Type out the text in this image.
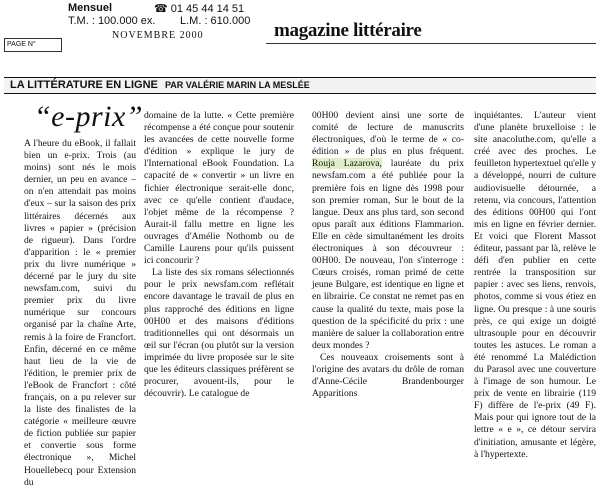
Mensuel	☎ 01 45 44 14 51
T.M. : 100.000 ex. L.M. : 610.000
NOVEMBRE 2000
PAGE N°
magazine littéraire
LA LITTÉRATURE EN LIGNE PAR VALÉRIE MARIN LA MESLÉE
“e-prix”

A l'heure du eBook, il fallait bien un e-prix. Trois (au moins) sont nés le mois dernier, un peu en avance – on n'en attendait pas moins d'eux – sur la saison des prix littéraires décernés aux livres « papier » (précision de rigueur). Dans l'ordre d'apparition : le « premier prix du livre numérique » décerné par le jury du site newsfam.com, suivi du premier prix du livre numérique sur concours organisé par la chaîne Arte, remis à la foire de Francfort. Enfin, décerné en ce même haut lieu de la vie de l'édition, le premier prix de l'eBook de Francfort : côté français, on a pu relever sur la liste des finalistes de la catégorie « meilleure œuvre de fiction publiée sur papier et convertie sous forme électronique », Michel Houellebecq pour Extension du

domaine de la lutte. « Cette première récompense a été conçue pour soutenir les avancées de cette nouvelle forme d'édition » explique le jury de l'International eBook Foundation. La capacité de « convertir » un livre en fichier électronique serait-elle donc, avec ce qu'elle contient d'audace, l'objet même de la récompense ? Aurait-il fallu mettre en ligne les ouvrages d'Amélie Nothomb ou de Camille Laurens pour qu'ils puissent ici concourir ?

La liste des six romans sélectionnés pour le prix newsfam.com reflétait encore davantage le travail de plus en plus rapproché des éditions en ligne 00H00 et des maisons d'éditions traditionnelles qui ont désormais un œil sur l'écran (ou plutôt sur la version imprimée du livre proposée sur le site que les éditeurs classiques préfèrent se procurer, avouent-ils, pour le découvrir). Le catalogue de

00H00 devient ainsi une sorte de comité de lecture de manuscrits électroniques, d'où le terme de « co-édition » de plus en plus fréquent. Rouja Lazarova, lauréate du prix newsfam.com a été publiée pour la première fois en ligne dès 1998 pour son premier roman, Sur le bout de la langue. Deux ans plus tard, son second opus paraît aux éditions Flammarion. Elle en cède simultanément les droits électroniques à son découvreur : 00H00. De nouveau, l'on s'interroge : Cœurs croisés, roman primé de cette jeune Bulgare, est identique en ligne et en librairie. Ce constat ne remet pas en cause la qualité du texte, mais pose la question de la spécificité du prix : une manière de saluer la collaboration entre deux mondes ?

Ces nouveaux croisements sont à l'origine des avatars du drôle de roman d'Anne-Cécile Brandenbourger Apparitions

inquiétantes. L'auteur vient d'une planète bruxelloise : le site anacoluthe.com, qu'elle a créé avec des proches. Le feuilleton hypertextuel qu'elle y a développé, nourri de culture audiovisuelle détournée, a retenu, via concours, l'attention des éditions 00H00 qui l'ont mis en ligne en février dernier. Et voici que Florent Massot éditeur, passant par là, relève le défi d'en publier en cette rentrée la transposition sur papier : avec ses liens, renvois, photos, comme si vous étiez en ligne. Ou presque : à une souris près, ce qui exige un doigté ultrasouple pour en découvrir toutes les astuces. Le roman a été renommé La Malédiction du Parasol avec une couverture à l'image de son humour. Le prix de vente en librairie (119 F) diffère de l'e-prix (49 F). Mais pour qui ignore tout de la lettre « e », ce détour servira d'initiation, amusante et légère, à l'hypertexte.
